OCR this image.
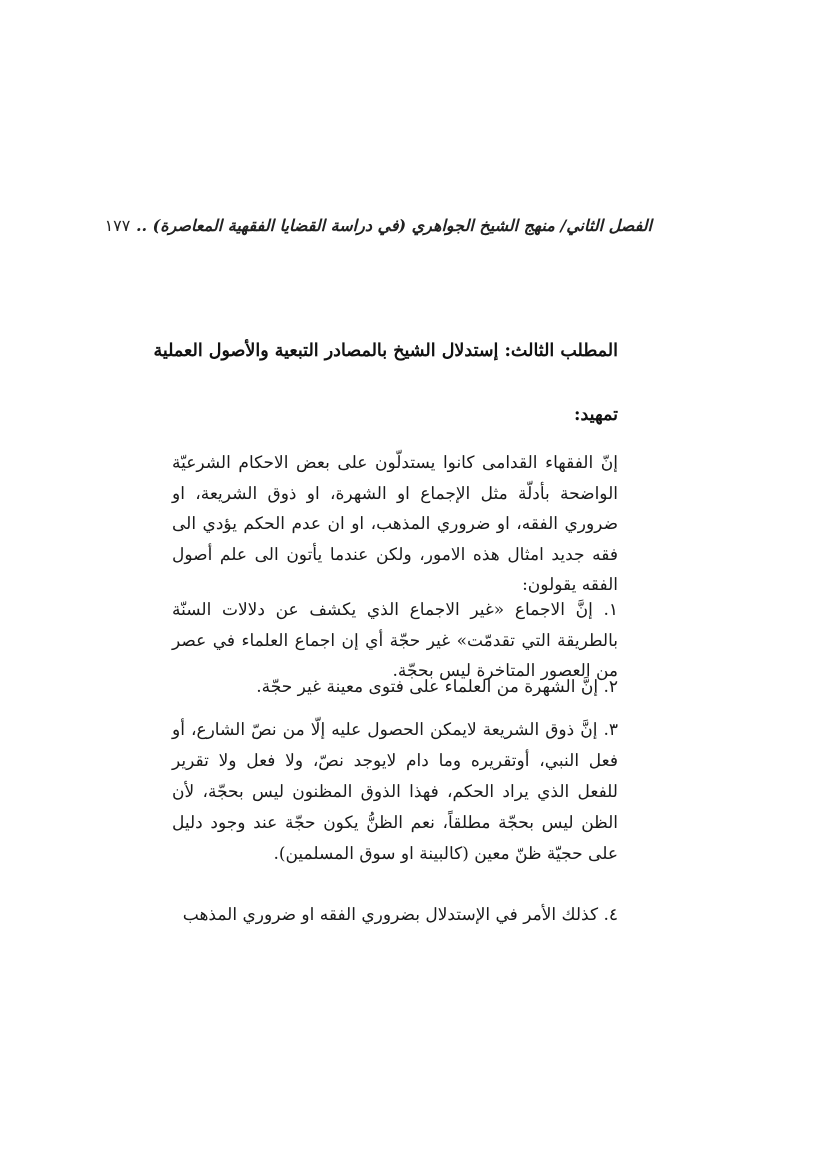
الفصل الثاني/ منهج الشيخ الجواهري (في دراسة القضايا الفقهية المعاصرة) .. ١٧٧
المطلب الثالث: إستدلال الشيخ بالمصادر التبعية والأصول العملية
تمهيد:

إنّ الفقهاء القدامى كانوا يستدلّون على بعض الاحكام الشرعيّة الواضحة بأدلّة مثل الإجماع او الشهرة، او ذوق الشريعة، او ضروري الفقه، او ضروري المذهب، او ان عدم الحكم يؤدي الى فقه جديد امثال هذه الامور، ولكن عندما يأتون الى علم أصول الفقه يقولون:

١. إنَّ الاجماع «غير الاجماع الذي يكشف عن دلالات السنّة بالطريقة التي تقدمّت» غير حجّة أي إن اجماع العلماء في عصر من العصور المتاخرة ليس بحجّة.

٢. إنَّ الشهرة من العلماء على فتوى معينة غير حجّة.

٣. إنَّ ذوق الشريعة لايمكن الحصول عليه إلّا من نصّ الشارع، أو فعل النبي، أوتقريره وما دام لايوجد نصّ، ولا فعل ولا تقرير للفعل الذي يراد الحكم، فهذا الذوق المظنون ليس بحجّة، لأن الظن ليس بحجّة مطلقاً، نعم الظنُّ يكون حجّة عند وجود دليل على حجيّة ظنّ معين (كالبينة او سوق المسلمين).

٤. كذلك الأمر في الإستدلال بضروري الفقه او ضروري المذهب
